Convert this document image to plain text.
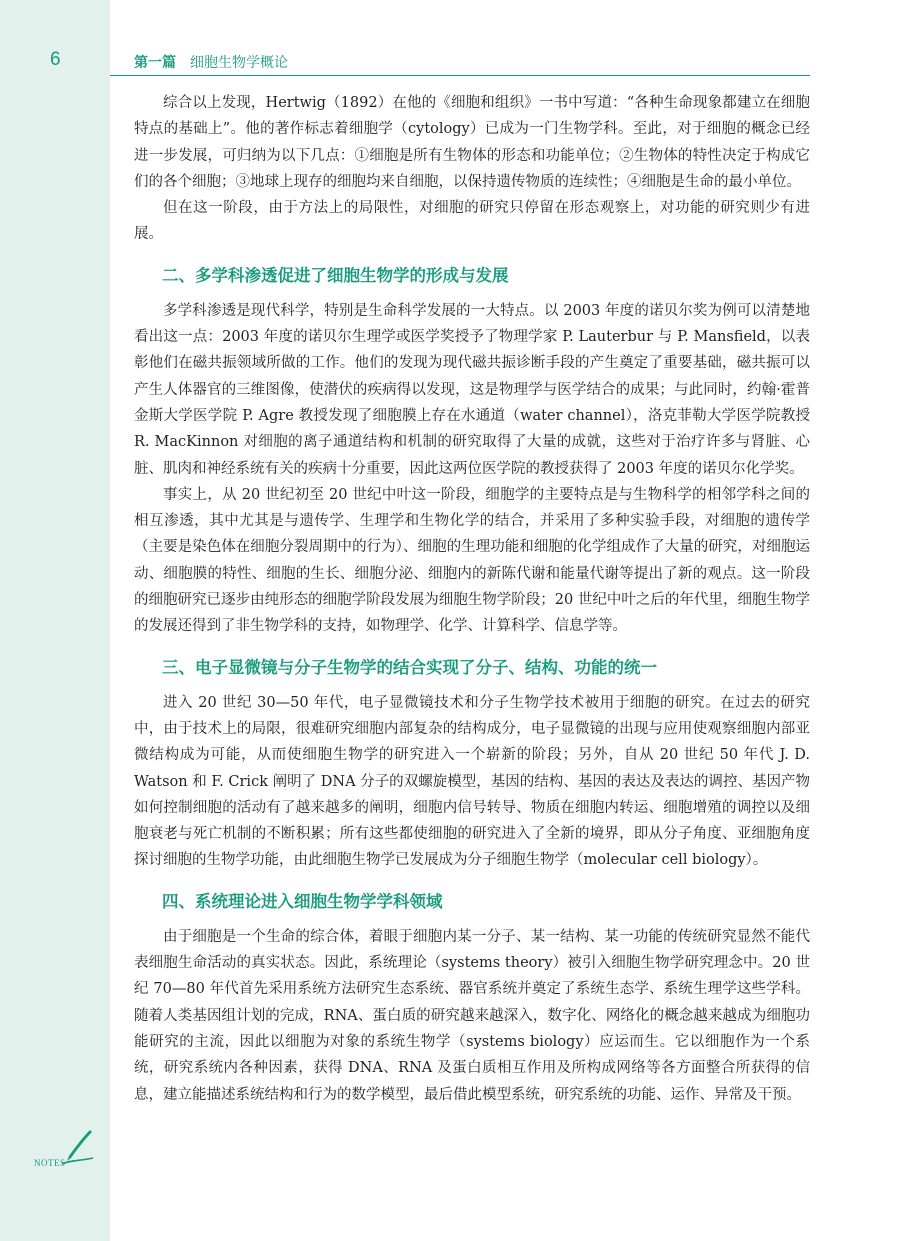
6	第一篇 细胞生物学概论
NOTES

综合以上发现，Hertwig（1892）在他的《细胞和组织》一书中写道：“各种生命现象都建立在细胞特点的基础上”。他的著作标志着细胞学（cytology）已成为一门生物学科。至此，对于细胞的概念已经进一步发展，可归纳为以下几点：①细胞是所有生物体的形态和功能单位；②生物体的特性决定于构成它们的各个细胞；③地球上现存的细胞均来自细胞，以保持遗传物质的连续性；④细胞是生命的最小单位。

但在这一阶段，由于方法上的局限性，对细胞的研究只停留在形态观察上，对功能的研究则少有进展。

二、多学科渗透促进了细胞生物学的形成与发展

多学科渗透是现代科学，特别是生命科学发展的一大特点。以 2003 年度的诺贝尔奖为例可以清楚地看出这一点：2003 年度的诺贝尔生理学或医学奖授予了物理学家 P. Lauterbur 与 P. Mansfield，以表彰他们在磁共振领域所做的工作。他们的发现为现代磁共振诊断手段的产生奠定了重要基础，磁共振可以产生人体器官的三维图像，使潜伏的疾病得以发现，这是物理学与医学结合的成果；与此同时，约翰·霍普金斯大学医学院 P. Agre 教授发现了细胞膜上存在水通道（water channel），洛克菲勒大学医学院教授 R. MacKinnon 对细胞的离子通道结构和机制的研究取得了大量的成就，这些对于治疗许多与肾脏、心脏、肌肉和神经系统有关的疾病十分重要，因此这两位医学院的教授获得了 2003 年度的诺贝尔化学奖。

事实上，从 20 世纪初至 20 世纪中叶这一阶段，细胞学的主要特点是与生物科学的相邻学科之间的相互渗透，其中尤其是与遗传学、生理学和生物化学的结合，并采用了多种实验手段，对细胞的遗传学（主要是染色体在细胞分裂周期中的行为）、细胞的生理功能和细胞的化学组成作了大量的研究，对细胞运动、细胞膜的特性、细胞的生长、细胞分泌、细胞内的新陈代谢和能量代谢等提出了新的观点。这一阶段的细胞研究已逐步由纯形态的细胞学阶段发展为细胞生物学阶段；20 世纪中叶之后的年代里，细胞生物学的发展还得到了非生物学科的支持，如物理学、化学、计算科学、信息学等。

三、电子显微镜与分子生物学的结合实现了分子、结构、功能的统一

进入 20 世纪 30—50 年代，电子显微镜技术和分子生物学技术被用于细胞的研究。在过去的研究中，由于技术上的局限，很难研究细胞内部复杂的结构成分，电子显微镜的出现与应用使观察细胞内部亚微结构成为可能，从而使细胞生物学的研究进入一个崭新的阶段；另外，自从 20 世纪 50 年代 J. D. Watson 和 F. Crick 阐明了 DNA 分子的双螺旋模型，基因的结构、基因的表达及表达的调控、基因产物如何控制细胞的活动有了越来越多的阐明，细胞内信号转导、物质在细胞内转运、细胞增殖的调控以及细胞衰老与死亡机制的不断积累；所有这些都使细胞的研究进入了全新的境界，即从分子角度、亚细胞角度探讨细胞的生物学功能，由此细胞生物学已发展成为分子细胞生物学（molecular cell biology）。

四、系统理论进入细胞生物学学科领域

由于细胞是一个生命的综合体，着眼于细胞内某一分子、某一结构、某一功能的传统研究显然不能代表细胞生命活动的真实状态。因此，系统理论（systems theory）被引入细胞生物学研究理念中。20 世纪 70—80 年代首先采用系统方法研究生态系统、器官系统并奠定了系统生态学、系统生理学这些学科。随着人类基因组计划的完成，RNA、蛋白质的研究越来越深入，数字化、网络化的概念越来越成为细胞功能研究的主流，因此以细胞为对象的系统生物学（systems biology）应运而生。它以细胞作为一个系统，研究系统内各种因素，获得 DNA、RNA 及蛋白质相互作用及所构成网络等各方面整合所获得的信息，建立能描述系统结构和行为的数学模型，最后借此模型系统，研究系统的功能、运作、异常及干预。
